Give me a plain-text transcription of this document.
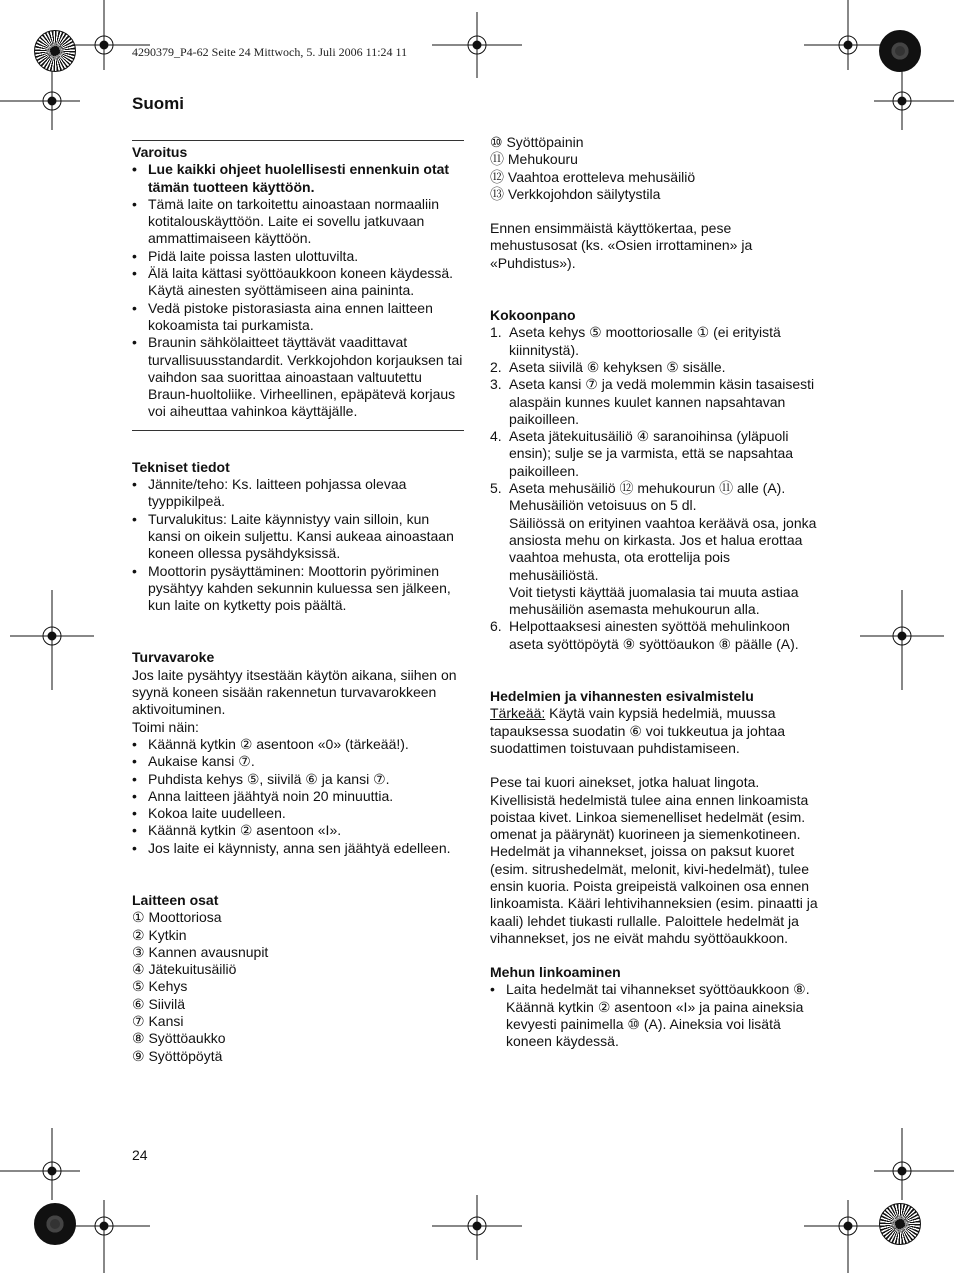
4290379_P4-62 Seite 24 Mittwoch, 5. Juli 2006 11:24 11
Suomi
Varoitus
• Lue kaikki ohjeet huolellisesti ennenkuin otat tämän tuotteen käyttöön.
• Tämä laite on tarkoitettu ainoastaan normaaliin kotitalouskäyttöön. Laite ei sovellu jatkuvaan ammattimaiseen käyttöön.
• Pidä laite poissa lasten ulottuvilta.
• Älä laita kättasi syöttöaukkoon koneen käydessä. Käytä ainesten syöttämiseen aina paininta.
• Vedä pistoke pistorasiasta aina ennen laitteen kokoamista tai purkamista.
• Braunin sähkölaitteet täyttävät vaadittavat turvallisuusstandardit. Verkkojohdon korjauksen tai vaihdon saa suorittaa ainoastaan valtuutettu Braun-huoltoliike. Virheellinen, epäpätevä korjaus voi aiheuttaa vahinkoa käyttäjälle.
Tekniset tiedot
• Jännite/teho: Ks. laitteen pohjassa olevaa tyyppikilpeä.
• Turvalukitus: Laite käynnistyy vain silloin, kun kansi on oikein suljettu. Kansi aukeaa ainoastaan koneen ollessa pysähdyksissä.
• Moottorin pysäyttäminen: Moottorin pyöriminen pysähtyy kahden sekunnin kuluessa sen jälkeen, kun laite on kytketty pois päältä.
Turvavaroke
Jos laite pysähtyy itsestään käytön aikana, siihen on syynä koneen sisään rakennetun turvavarokkeen aktivoituminen.
Toimi näin:
• Käännä kytkin ② asentoon «0» (tärkeää!).
• Aukaise kansi ⑦.
• Puhdista kehys ⑤, siivilä ⑥ ja kansi ⑦.
• Anna laitteen jäähtyä noin 20 minuuttia.
• Kokoa laite uudelleen.
• Käännä kytkin ② asentoon «I».
• Jos laite ei käynnisty, anna sen jäähtyä edelleen.
Laitteen osat
① Moottoriosa
② Kytkin
③ Kannen avausnupit
④ Jätekuitusäiliö
⑤ Kehys
⑥ Siivilä
⑦ Kansi
⑧ Syöttöaukko
⑨ Syöttöpöytä
⑩ Syöttöpainin
⑪ Mehukouru
⑫ Vaahtoa erotteleva mehusäiliö
⑬ Verkkojohdon säilytystila
Ennen ensimmäistä käyttökertaa, pese mehustusosat (ks. «Osien irrottaminen» ja «Puhdistus»).
Kokoonpano
1. Aseta kehys ⑤ moottoriosalle ① (ei erityistä kiinnitystä).
2. Aseta siivilä ⑥ kehyksen ⑤ sisälle.
3. Aseta kansi ⑦ ja vedä molemmin käsin tasaisesti alaspäin kunnes kuulet kannen napsahtavan paikoilleen.
4. Aseta jätekuitusäiliö ④ saranoihinsa (yläpuoli ensin); sulje se ja varmista, että se napsahtaa paikoilleen.
5. Aseta mehusäiliö ⑫ mehukourun ⑪ alle (A). Mehusäiliön vetoisuus on 5 dl.
Säiliössä on erityinen vaahtoa keräävä osa, jonka ansiosta mehu on kirkasta. Jos et halua erottaa vaahtoa mehusta, ota erottelija pois mehusäiliöstä.
Voit tietysti käyttää juomalasia tai muuta astiaa mehusäiliön asemasta mehukourun alla.
6. Helpottaaksesi ainesten syöttöä mehulinkoon aseta syöttöpöytä ⑨ syöttöaukon ⑧ päälle (A).
Hedelmien ja vihannesten esivalmistelu
Tärkeää: Käytä vain kypsiä hedelmiä, muussa tapauksessa suodatin ⑥ voi tukkeutua ja johtaa suodattimen toistuvaan puhdistamiseen.
Pese tai kuori ainekset, jotka haluat lingota. Kivellisistä hedelmistä tulee aina ennen linkoamista poistaa kivet. Linkoa siemenelliset hedelmät (esim. omenat ja päärynät) kuorineen ja siemenkotineen. Hedelmät ja vihannekset, joissa on paksut kuoret (esim. sitrushedelmät, melonit, kivi-hedelmät), tulee ensin kuoria. Poista greipeistä valkoinen osa ennen linkoamista. Kääri lehtivihanneksien (esim. pinaatti ja kaali) lehdet tiukasti rullalle. Paloittele hedelmät ja vihannekset, jos ne eivät mahdu syöttöaukkoon.
Mehun linkoaminen
• Laita hedelmät tai vihannekset syöttöaukkoon ⑧. Käännä kytkin ② asentoon «I» ja paina aineksia kevyesti painimella ⑩ (A). Aineksia voi lisätä koneen käydessä.
24
